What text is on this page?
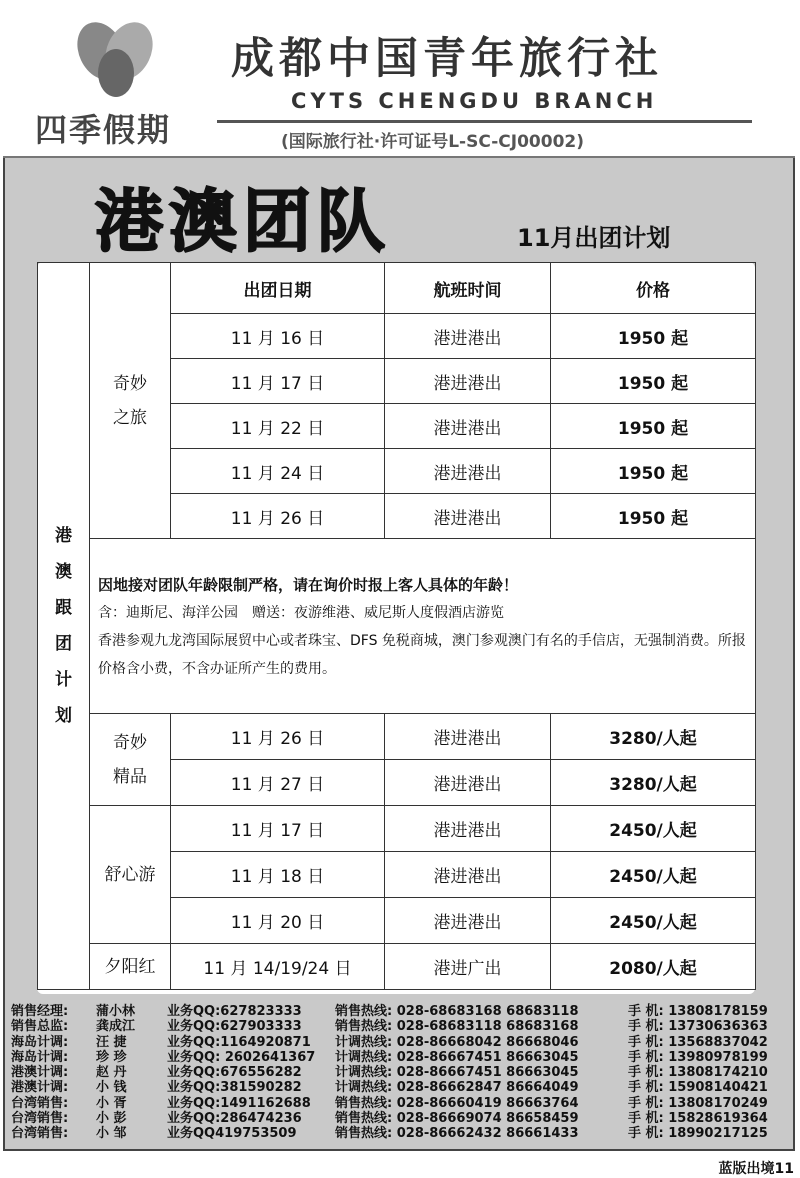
四季假期
成都中国青年旅行社
CYTS CHENGDU BRANCH
(国际旅行社·许可证号L-SC-CJ00002)
港澳团队	11月出团计划
港澳跟团计划	奇妙之旅	出团日期	航班时间	价格
		11 月 16 日	港进港出	1950 起
		11 月 17 日	港进港出	1950 起
		11 月 22 日	港进港出	1950 起
		11 月 24 日	港进港出	1950 起
		11 月 26 日	港进港出	1950 起

	因地接对团队年龄限制严格，请在询价时报上客人具体的年龄！
含：迪斯尼、海洋公园　赠送：夜游维港、威尼斯人度假酒店游览
香港参观九龙湾国际展贸中心或者珠宝、DFS 免税商城，澳门参观澳门有名的手信店，无强制消费。所报价格含小费，不含办证所产生的费用。			

	奇妙精品	11 月 26 日	港进港出	3280/人起
		11 月 27 日	港进港出	3280/人起
	舒心游	11 月 17 日	港进港出	2450/人起
		11 月 18 日	港进港出	2450/人起
		11 月 20 日	港进港出	2450/人起
	夕阳红	11 月 14/19/24 日	港进广出	2080/人起
销售经理: 蒲小林 业务QQ:627823333	销售热线: 028-68683168 68683118	手 机: 13808178159
销售总监: 龚成江 业务QQ:627903333	销售热线: 028-68683118 68683168	手 机: 13730636363
海岛计调: 汪 捷	业务QQ:1164920871 计调热线: 028-86668042 86668046	手 机: 13568837042
海岛计调: 珍 珍	业务QQ: 2602641367 计调热线: 028-86667451 86663045	手 机: 13980978199
港澳计调: 赵 丹	业务QQ:676556282	计调热线: 028-86667451 86663045	手 机: 13808174210
港澳计调: 小 钱	业务QQ:381590282	计调热线: 028-86662847 86664049	手 机: 15908140421
台湾销售: 小 胥	业务QQ:1491162688 销售热线: 028-86660419 86663764	手 机: 13808170249
台湾销售: 小 彭	业务QQ:286474236	销售热线: 028-86669074 86658459	手 机: 15828619364
台湾销售: 小 邹	业务QQ419753509	销售热线: 028-86662432 86661433	手 机: 18990217125
蓝版出境11
